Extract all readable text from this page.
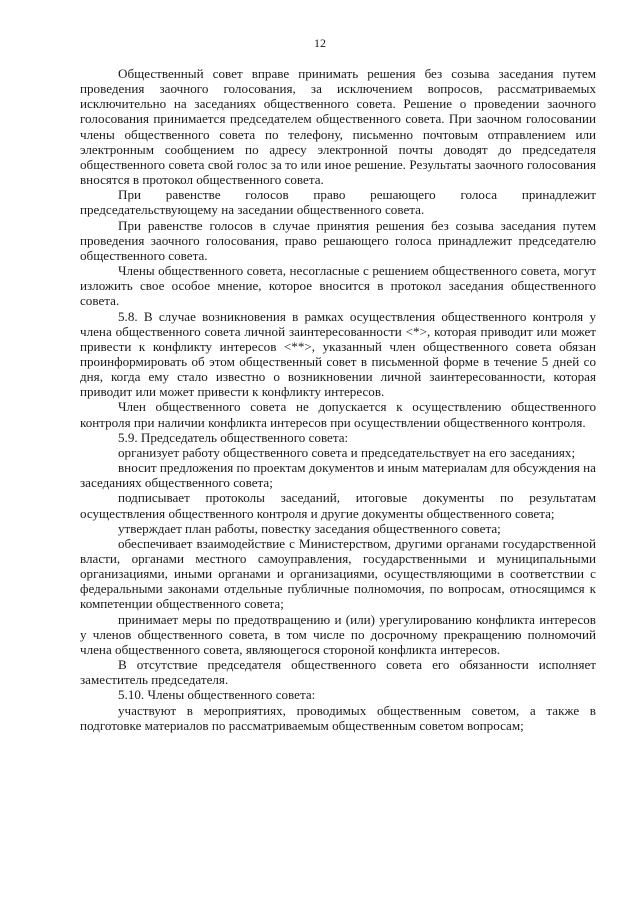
12

Общественный совет вправе принимать решения без созыва заседания путем проведения заочного голосования, за исключением вопросов, рассматриваемых исключительно на заседаниях общественного совета. Решение о проведении заочного голосования принимается председателем общественного совета. При заочном голосовании члены общественного совета по телефону, письменно почтовым отправлением или электронным сообщением по адресу электронной почты доводят до председателя общественного совета свой голос за то или иное решение. Результаты заочного голосования вносятся в протокол общественного совета.

При равенстве голосов право решающего голоса принадлежит председательствующему на заседании общественного совета.

При равенстве голосов в случае принятия решения без созыва заседания путем проведения заочного голосования, право решающего голоса принадлежит председателю общественного совета.

Члены общественного совета, несогласные с решением общественного совета, могут изложить свое особое мнение, которое вносится в протокол заседания общественного совета.

5.8. В случае возникновения в рамках осуществления общественного контроля у члена общественного совета личной заинтересованности <*>, которая приводит или может привести к конфликту интересов <**>, указанный член общественного совета обязан проинформировать об этом общественный совет в письменной форме в течение 5 дней со дня, когда ему стало известно о возникновении личной заинтересованности, которая приводит или может привести к конфликту интересов.

Член общественного совета не допускается к осуществлению общественного контроля при наличии конфликта интересов при осуществлении общественного контроля.

5.9. Председатель общественного совета:

организует работу общественного совета и председательствует на его заседаниях;

вносит предложения по проектам документов и иным материалам для обсуждения на заседаниях общественного совета;

подписывает протоколы заседаний, итоговые документы по результатам осуществления общественного контроля и другие документы общественного совета;

утверждает план работы, повестку заседания общественного совета;

обеспечивает взаимодействие с Министерством, другими органами государственной власти, органами местного самоуправления, государственными и муниципальными организациями, иными органами и организациями, осуществляющими в соответствии с федеральными законами отдельные публичные полномочия, по вопросам, относящимся к компетенции общественного совета;

принимает меры по предотвращению и (или) урегулированию конфликта интересов у членов общественного совета, в том числе по досрочному прекращению полномочий члена общественного совета, являющегося стороной конфликта интересов.

В отсутствие председателя общественного совета его обязанности исполняет заместитель председателя.

5.10. Члены общественного совета:

участвуют в мероприятиях, проводимых общественным советом, а также в подготовке материалов по рассматриваемым общественным советом вопросам;
